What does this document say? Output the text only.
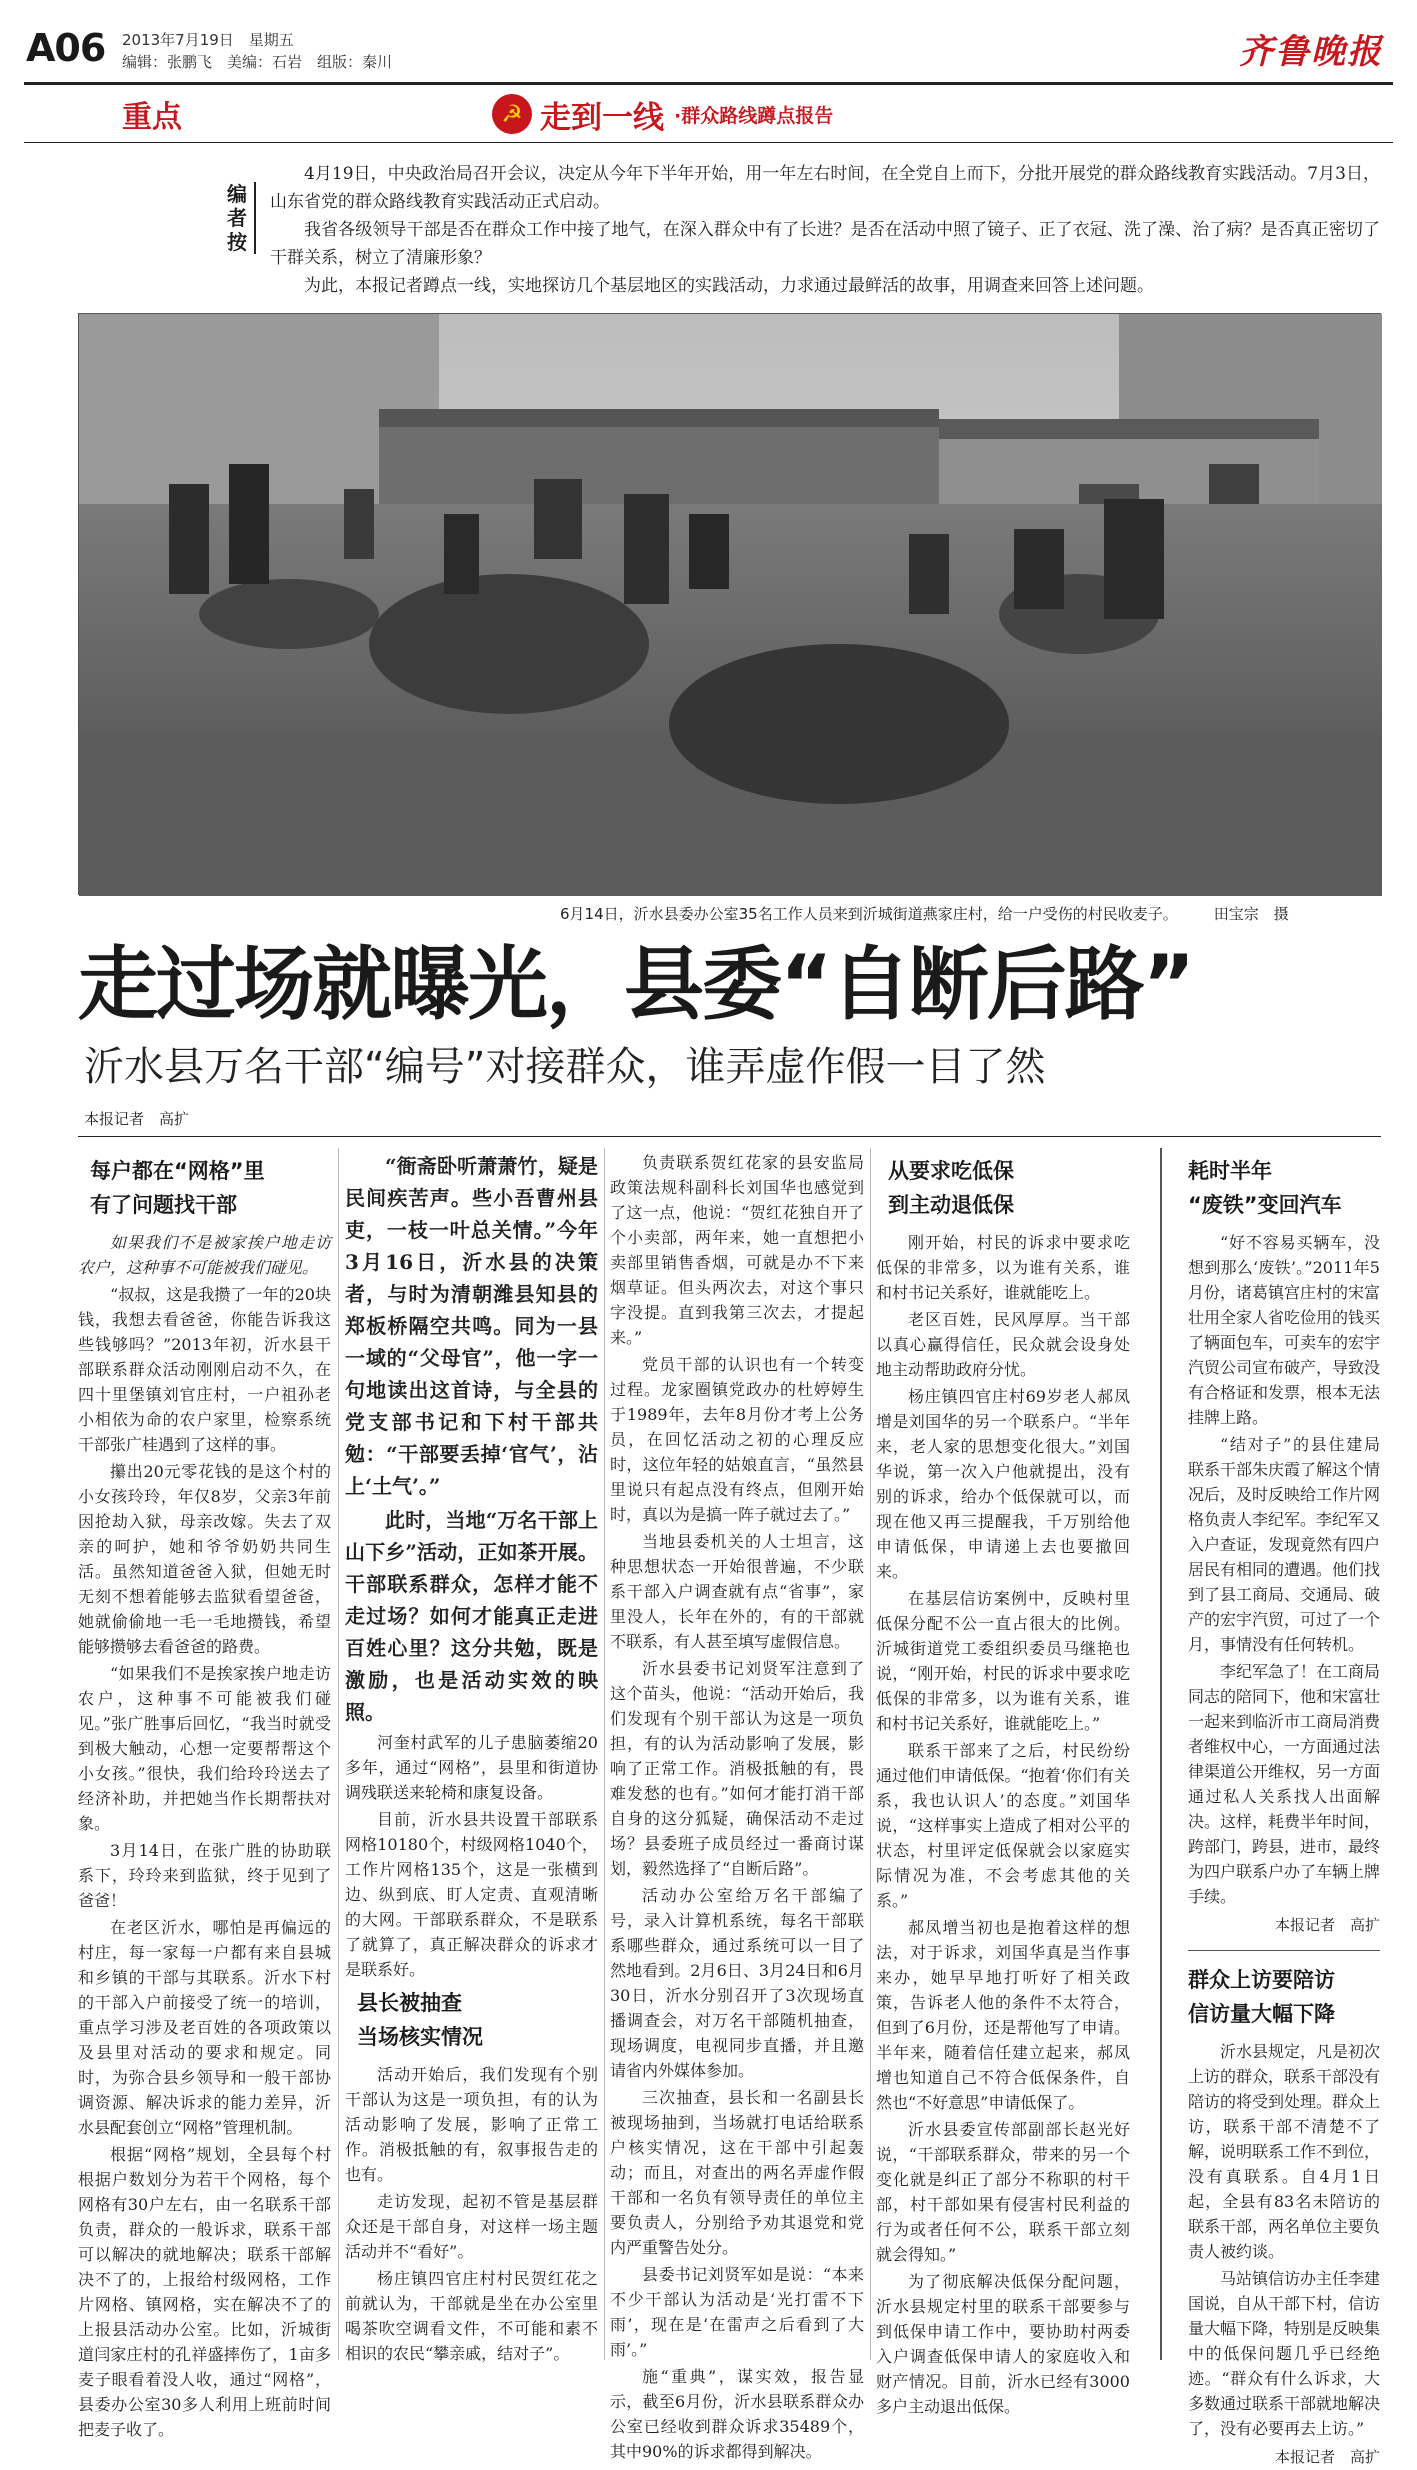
A06 2013年7月19日　星期五
编辑：张鹏飞　美编：石岩　组版：秦川	齐鲁晚报
重点	☭ 走到一线 ·群众路线蹲点报告
编者按

4月19日，中央政治局召开会议，决定从今年下半年开始，用一年左右时间，在全党自上而下，分批开展党的群众路线教育实践活动。7月3日，山东省党的群众路线教育实践活动正式启动。

我省各级领导干部是否在群众工作中接了地气，在深入群众中有了长进？是否在活动中照了镜子、正了衣冠、洗了澡、治了病？是否真正密切了干群关系，树立了清廉形象？

为此，本报记者蹲点一线，实地探访几个基层地区的实践活动，力求通过最鲜活的故事，用调查来回答上述问题。

6月14日，沂水县委办公室35名工作人员来到沂城街道燕家庄村，给一户受伤的村民收麦子。 田宝宗　摄
走过场就曝光，县委“自断后路”
沂水县万名干部“编号”对接群众，谁弄虚作假一目了然
本报记者　高扩
每户都在“网格”里
有了问题找干部

如果我们不是被家挨户地走访农户，这种事不可能被我们碰见。

“叔叔，这是我攒了一年的20块钱，我想去看爸爸，你能告诉我这些钱够吗？”2013年初，沂水县干部联系群众活动刚刚启动不久，在四十里堡镇刘官庄村，一户祖孙老小相依为命的农户家里，检察系统干部张广桂遇到了这样的事。

攥出20元零花钱的是这个村的小女孩玲玲，年仅8岁，父亲3年前因抢劫入狱，母亲改嫁。失去了双亲的呵护，她和爷爷奶奶共同生活。虽然知道爸爸入狱，但她无时无刻不想着能够去监狱看望爸爸，她就偷偷地一毛一毛地攒钱，希望能够攒够去看爸爸的路费。

“如果我们不是挨家挨户地走访农户，这种事不可能被我们碰见。”张广胜事后回忆，“我当时就受到极大触动，心想一定要帮帮这个小女孩。”很快，我们给玲玲送去了经济补助，并把她当作长期帮扶对象。

3月14日，在张广胜的协助联系下，玲玲来到监狱，终于见到了爸爸！

在老区沂水，哪怕是再偏远的村庄，每一家每一户都有来自县城和乡镇的干部与其联系。沂水下村的干部入户前接受了统一的培训，重点学习涉及老百姓的各项政策以及县里对活动的要求和规定。同时，为弥合县乡领导和一般干部协调资源、解决诉求的能力差异，沂水县配套创立“网格”管理机制。

根据“网格”规划，全县每个村根据户数划分为若干个网格，每个网格有30户左右，由一名联系干部负责，群众的一般诉求，联系干部可以解决的就地解决；联系干部解决不了的，上报给村级网格，工作片网格、镇网格，实在解决不了的上报县活动办公室。比如，沂城街道闫家庄村的孔祥盛摔伤了，1亩多麦子眼看着没人收，通过“网格”，县委办公室30多人利用上班前时间把麦子收了。

“衙斋卧听萧萧竹，疑是民间疾苦声。些小吾曹州县吏，一枝一叶总关情。”今年3月16日，沂水县的决策者，与时为清朝潍县知县的郑板桥隔空共鸣。同为一县一域的“父母官”，他一字一句地读出这首诗，与全县的党支部书记和下村干部共勉：“干部要丢掉‘官气’，沾上‘土气’。”

此时，当地“万名干部上山下乡”活动，正如茶开展。干部联系群众，怎样才能不走过场？如何才能真正走进百姓心里？这分共勉，既是激励，也是活动实效的映照。

河奎村武军的儿子患脑萎缩20多年，通过“网格”，县里和街道协调残联送来轮椅和康复设备。

目前，沂水县共设置干部联系网格10180个，村级网格1040个，工作片网格135个，这是一张横到边、纵到底、盯人定责、直观清晰的大网。干部联系群众，不是联系了就算了，真正解决群众的诉求才是联系好。

县长被抽查
当场核实情况

活动开始后，我们发现有个别干部认为这是一项负担，有的认为活动影响了发展，影响了正常工作。消极抵触的有，叙事报告走的也有。

走访发现，起初不管是基层群众还是干部自身，对这样一场主题活动并不“看好”。

杨庄镇四官庄村村民贺红花之前就认为，干部就是坐在办公室里喝茶吹空调看文件，不可能和素不相识的农民“攀亲戚，结对子”。

负责联系贺红花家的县安监局政策法规科副科长刘国华也感觉到了这一点，他说：“贺红花独自开了个小卖部，两年来，她一直想把小卖部里销售香烟，可就是办不下来烟草证。但头两次去，对这个事只字没提。直到我第三次去，才提起来。”

党员干部的认识也有一个转变过程。龙家圈镇党政办的杜婷婷生于1989年，去年8月份才考上公务员，在回忆活动之初的心理反应时，这位年轻的姑娘直言，“虽然县里说只有起点没有终点，但刚开始时，真以为是搞一阵子就过去了。”

当地县委机关的人士坦言，这种思想状态一开始很普遍，不少联系干部入户调查就有点“省事”，家里没人，长年在外的，有的干部就不联系，有人甚至填写虚假信息。

沂水县委书记刘贤军注意到了这个苗头，他说：“活动开始后，我们发现有个别干部认为这是一项负担，有的认为活动影响了发展，影响了正常工作。消极抵触的有，畏难发愁的也有。”如何才能打消干部自身的这分狐疑，确保活动不走过场？县委班子成员经过一番商讨谋划，毅然选择了“自断后路”。

活动办公室给万名干部编了号，录入计算机系统，每名干部联系哪些群众，通过系统可以一目了然地看到。2月6日、3月24日和6月30日，沂水分别召开了3次现场直播调查会，对万名干部随机抽查，现场调度，电视同步直播，并且邀请省内外媒体参加。

三次抽查，县长和一名副县长被现场抽到，当场就打电话给联系户核实情况，这在干部中引起轰动；而且，对查出的两名弄虚作假干部和一名负有领导责任的单位主要负责人，分别给予劝其退党和党内严重警告处分。

县委书记刘贤军如是说：“本来不少干部认为活动是‘光打雷不下雨’，现在是‘在雷声之后看到了大雨’。”

施“重典”，谋实效，报告显示，截至6月份，沂水县联系群众办公室已经收到群众诉求35489个，其中90%的诉求都得到解决。

从要求吃低保
到主动退低保

刚开始，村民的诉求中要求吃低保的非常多，以为谁有关系，谁和村书记关系好，谁就能吃上。

老区百姓，民风厚厚。当干部以真心赢得信任，民众就会设身处地主动帮助政府分忧。

杨庄镇四官庄村69岁老人郝凤增是刘国华的另一个联系户。“半年来，老人家的思想变化很大。”刘国华说，第一次入户他就提出，没有别的诉求，给办个低保就可以，而现在他又再三提醒我，千万别给他申请低保，申请递上去也要撤回来。

在基层信访案例中，反映村里低保分配不公一直占很大的比例。沂城街道党工委组织委员马继艳也说，“刚开始，村民的诉求中要求吃低保的非常多，以为谁有关系，谁和村书记关系好，谁就能吃上。”

联系干部来了之后，村民纷纷通过他们申请低保。“抱着‘你们有关系，我也认识人’的态度。”刘国华说，“这样事实上造成了相对公平的状态，村里评定低保就会以家庭实际情况为准，不会考虑其他的关系。”

郝凤增当初也是抱着这样的想法，对于诉求，刘国华真是当作事来办，她早早地打听好了相关政策，告诉老人他的条件不太符合，但到了6月份，还是帮他写了申请。半年来，随着信任建立起来，郝凤增也知道自己不符合低保条件，自然也“不好意思”申请低保了。

沂水县委宣传部副部长赵光好说，“干部联系群众，带来的另一个变化就是纠正了部分不称职的村干部，村干部如果有侵害村民利益的行为或者任何不公，联系干部立刻就会得知。”

为了彻底解决低保分配问题，沂水县规定村里的联系干部要参与到低保申请工作中，要协助村两委入户调查低保申请人的家庭收入和财产情况。目前，沂水已经有3000多户主动退出低保。

耗时半年
“废铁”变回汽车

“好不容易买辆车，没想到那么‘废铁’。”2011年5月份，诸葛镇宫庄村的宋富壮用全家人省吃俭用的钱买了辆面包车，可卖车的宏宇汽贸公司宣布破产，导致没有合格证和发票，根本无法挂牌上路。

“结对子”的县住建局联系干部朱庆霞了解这个情况后，及时反映给工作片网格负责人李纪军。李纪军又入户查证，发现竟然有四户居民有相同的遭遇。他们找到了县工商局、交通局、破产的宏宇汽贸，可过了一个月，事情没有任何转机。

李纪军急了！在工商局同志的陪同下，他和宋富壮一起来到临沂市工商局消费者维权中心，一方面通过法律渠道公开维权，另一方面通过私人关系找人出面解决。这样，耗费半年时间，跨部门，跨县，进市，最终为四户联系户办了车辆上牌手续。

本报记者　高扩
群众上访要陪访
信访量大幅下降

沂水县规定，凡是初次上访的群众，联系干部没有陪访的将受到处理。群众上访，联系干部不清楚不了解，说明联系工作不到位，没有真联系。自4月1日起，全县有83名未陪访的联系干部，两名单位主要负责人被约谈。

马站镇信访办主任李建国说，自从干部下村，信访量大幅下降，特别是反映集中的低保问题几乎已经绝迹。“群众有什么诉求，大多数通过联系干部就地解决了，没有必要再去上访。”

本报记者　高扩
